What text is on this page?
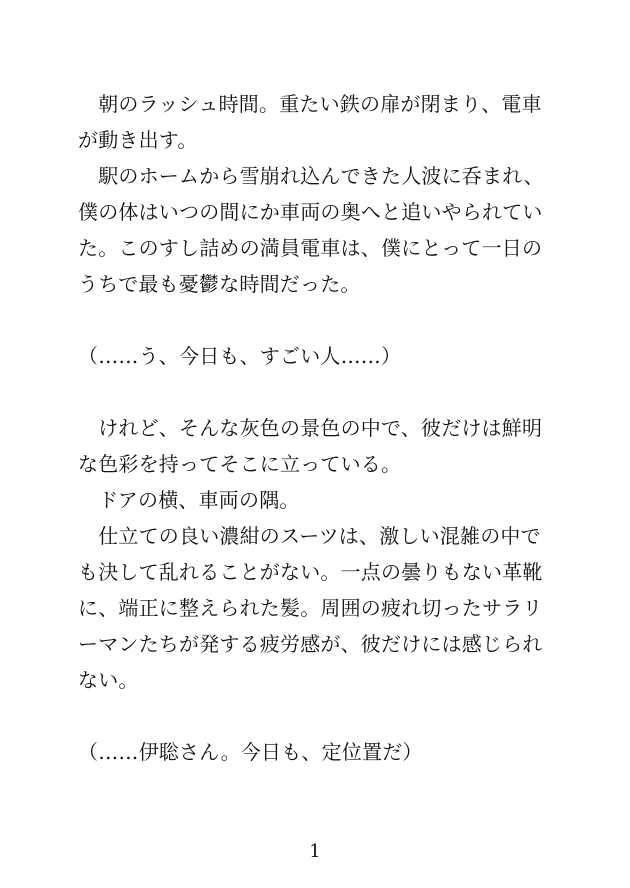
　朝のラッシュ時間。重たい鉄の扉が閉まり、電車
が動き出す。
　駅のホームから雪崩れ込んできた人波に呑まれ、
僕の体はいつの間にか車両の奥へと追いやられてい
た。このすし詰めの満員電車は、僕にとって一日の
うちで最も憂鬱な時間だった。
（……う、今日も、すごい人……）
　けれど、そんな灰色の景色の中で、彼だけは鮮明
な色彩を持ってそこに立っている。
　ドアの横、車両の隅。
　仕立ての良い濃紺のスーツは、激しい混雑の中で
も決して乱れることがない。一点の曇りもない革靴
に、端正に整えられた髪。周囲の疲れ切ったサラリ
ーマンたちが発する疲労感が、彼だけには感じられ
ない。
（……伊聡さん。今日も、定位置だ）
1
